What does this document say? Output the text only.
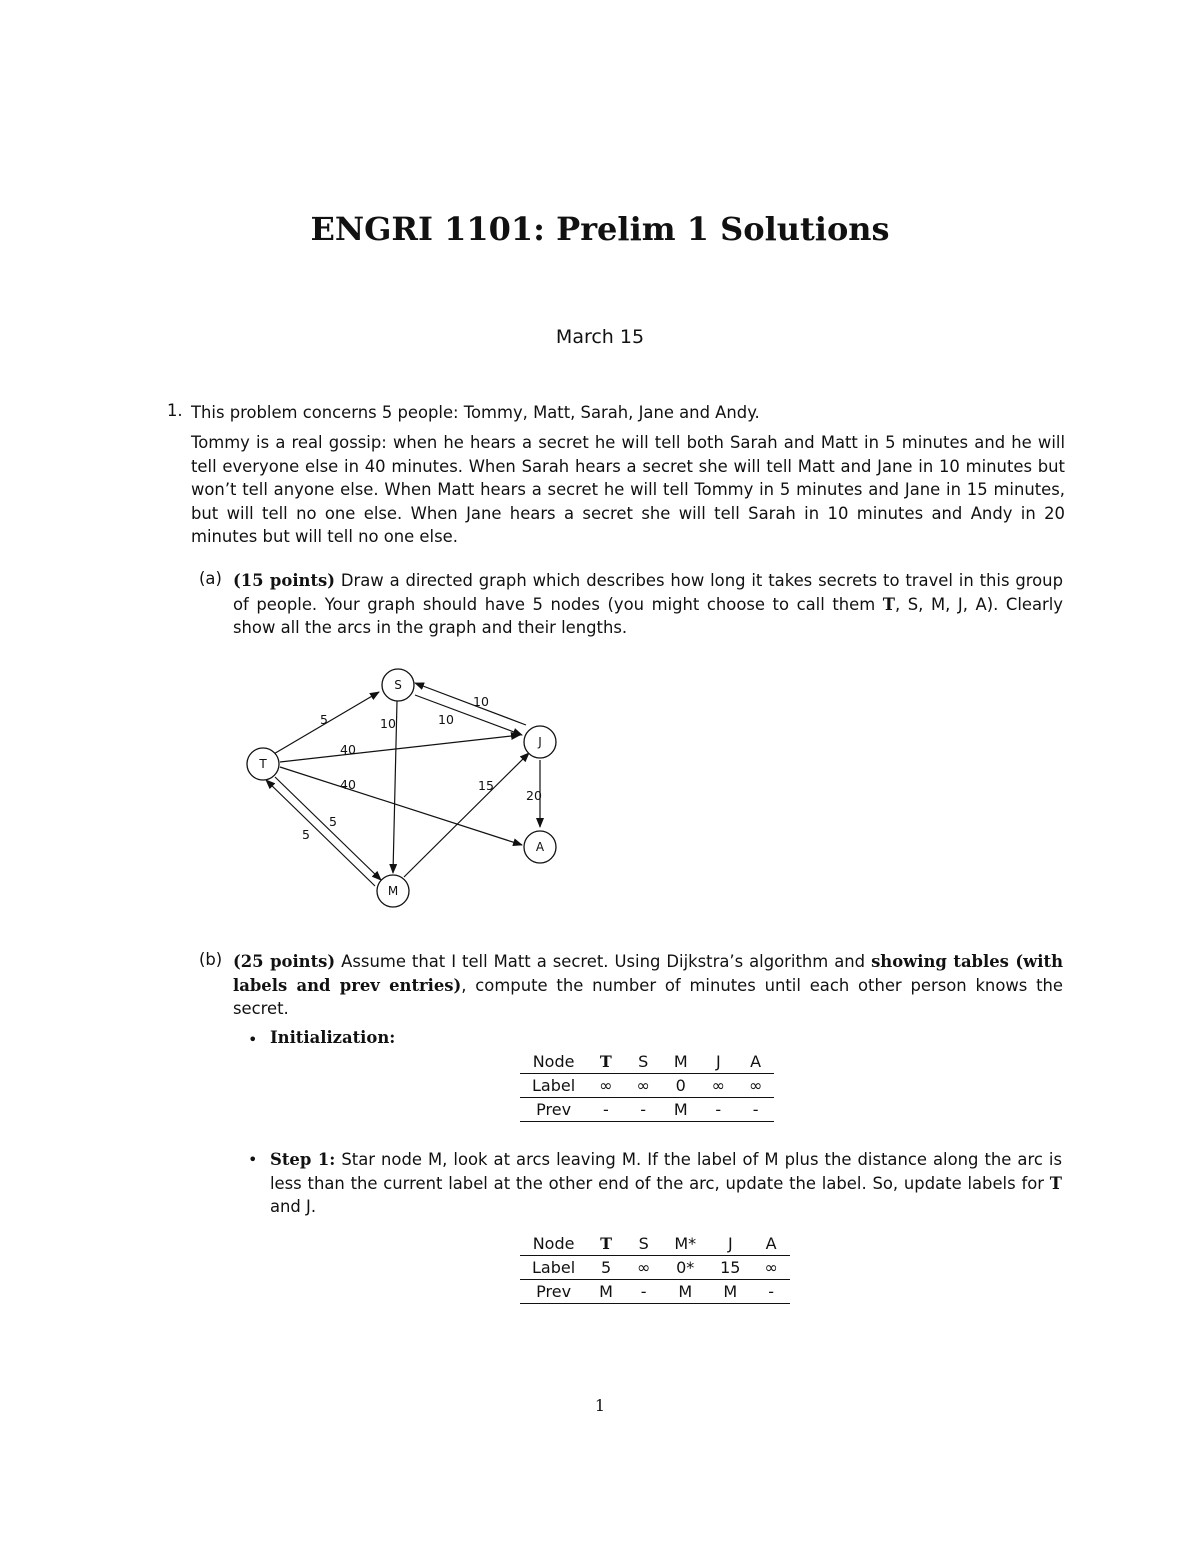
ENGRI 1101: Prelim 1 Solutions
March 15
1. This problem concerns 5 people: Tommy, Matt, Sarah, Jane and Andy.
Tommy is a real gossip: when he hears a secret he will tell both Sarah and Matt in 5 minutes and he will tell everyone else in 40 minutes. When Sarah hears a secret she will tell Matt and Jane in 10 minutes but won’t tell anyone else. When Matt hears a secret he will tell Tommy in 5 minutes and Jane in 15 minutes, but will tell no one else. When Jane hears a secret she will tell Sarah in 10 minutes and Andy in 20 minutes but will tell no one else.
(a) (15 points) Draw a directed graph which describes how long it takes secrets to travel in this group of people. Your graph should have 5 nodes (you might choose to call them T, S, M, J, A). Clearly show all the arcs in the graph and their lengths.
S
J
T
A
M
5
40
40
5
5
10	10
10
15
20
(b) (25 points) Assume that I tell Matt a secret. Using Dijkstra’s algorithm and showing tables (with labels and prev entries), compute the number of minutes until each other person knows the secret.
• Initialization:
Node	T	S	M	J	A
Label	∞	∞	0	∞	∞
Prev	-	-	M	-	-
• Step 1: Star node M, look at arcs leaving M. If the label of M plus the distance along the arc is less than the current label at the other end of the arc, update the label. So, update labels for T and J.
Node	T	S	M*	J	A
Label	5	∞	0*	15	∞
Prev	M	-	M	M	-
1
